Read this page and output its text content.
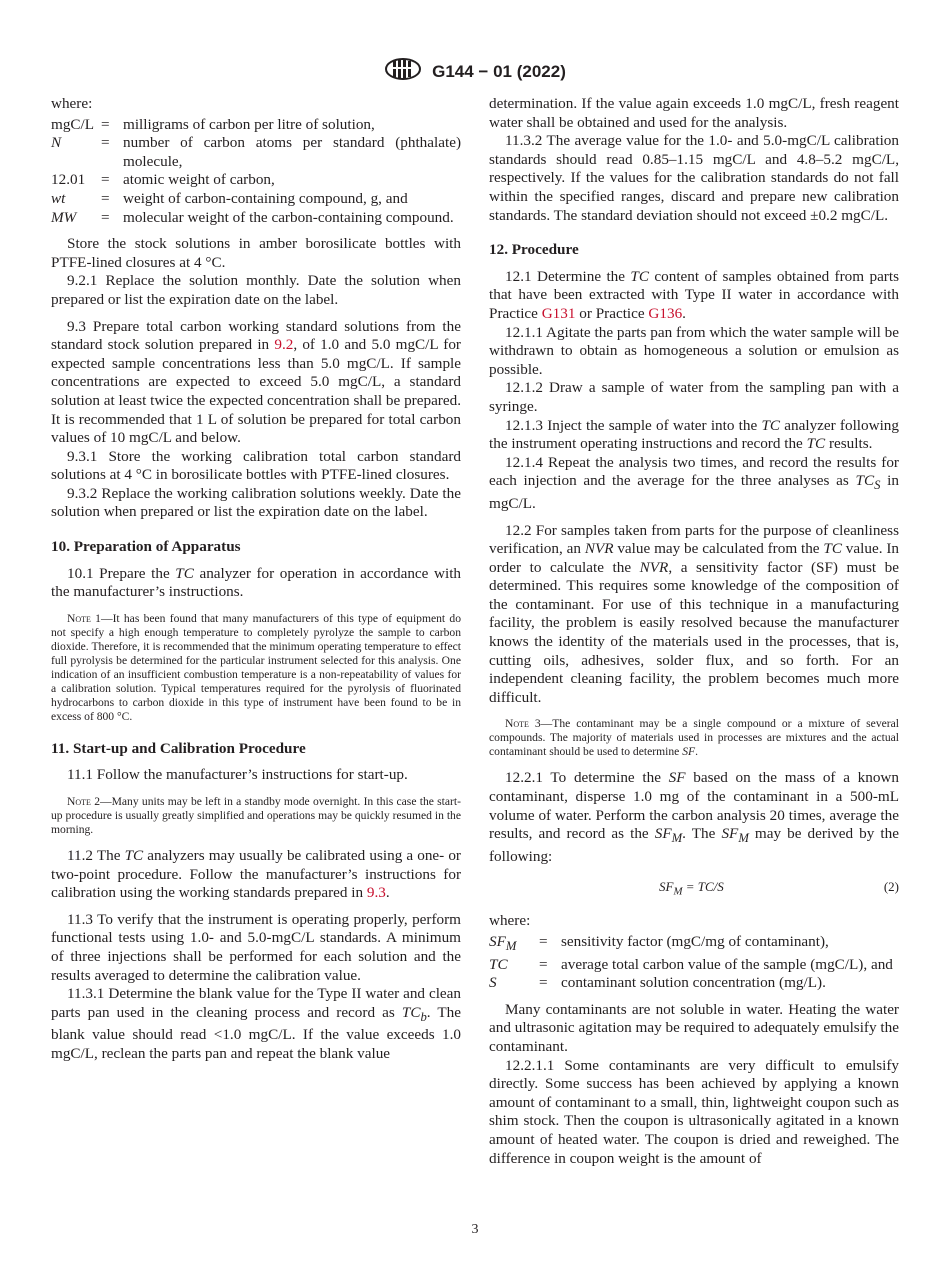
G144 − 01 (2022)

where:

mgC/L = milligrams of carbon per litre of solution,
N	= number of carbon atoms per standard (phthalate) molecule,
12.01	= atomic weight of carbon,
wt	= weight of carbon-containing compound, g, and
MW	= molecular weight of the carbon-containing compound.

Store the stock solutions in amber borosilicate bottles with PTFE-lined closures at 4 °C.

9.2.1 Replace the solution monthly. Date the solution when prepared or list the expiration date on the label.

9.3 Prepare total carbon working standard solutions from the standard stock solution prepared in 9.2, of 1.0 and 5.0 mgC/L for expected sample concentrations less than 5.0 mgC/L. If sample concentrations are expected to exceed 5.0 mgC/L, a standard solution at least twice the expected concentration shall be prepared. It is recommended that 1 L of solution be prepared for total carbon values of 10 mgC/L and below.

9.3.1 Store the working calibration total carbon standard solutions at 4 °C in borosilicate bottles with PTFE-lined closures.

9.3.2 Replace the working calibration solutions weekly. Date the solution when prepared or list the expiration date on the label.

10. Preparation of Apparatus

10.1 Prepare the TC analyzer for operation in accordance with the manufacturer’s instructions.

Note 1—It has been found that many manufacturers of this type of equipment do not specify a high enough temperature to completely pyrolyze the sample to carbon dioxide. Therefore, it is recommended that the minimum operating temperature to effect full pyrolysis be determined for the particular instrument selected for this analysis. One indication of an insufficient combustion temperature is a non-repeatability of values for a calibration solution. Typical temperatures required for the pyrolysis of fluorinated hydrocarbons to carbon dioxide in this type of instrument have been found to be in excess of 800 °C.
11. Start-up and Calibration Procedure

11.1 Follow the manufacturer’s instructions for start-up.

Note 2—Many units may be left in a standby mode overnight. In this case the start-up procedure is usually greatly simplified and operations may be quickly resumed in the morning.

11.2 The TC analyzers may usually be calibrated using a one- or two-point procedure. Follow the manufacturer’s instructions for calibration using the working standards prepared in 9.3.

11.3 To verify that the instrument is operating properly, perform functional tests using 1.0- and 5.0-mgC/L standards. A minimum of three injections shall be performed for each solution and the results averaged to determine the calibration value.

11.3.1 Determine the blank value for the Type II water and clean parts pan used in the cleaning process and record as $TC_b$. The blank value should read <1.0 mgC/L. If the value exceeds 1.0 mgC/L, reclean the parts pan and repeat the blank value

determination. If the value again exceeds 1.0 mgC/L, fresh reagent water shall be obtained and used for the analysis.

11.3.2 The average value for the 1.0- and 5.0-mgC/L calibration standards should read 0.85–1.15 mgC/L and 4.8–5.2 mgC/L, respectively. If the values for the calibration standards do not fall within the specified ranges, discard and prepare new calibration standards. The standard deviation should not exceed ±0.2 mgC/L.

12. Procedure

12.1 Determine the TC content of samples obtained from parts that have been extracted with Type II water in accordance with Practice G131 or Practice G136.

12.1.1 Agitate the parts pan from which the water sample will be withdrawn to obtain as homogeneous a solution or emulsion as possible.

12.1.2 Draw a sample of water from the sampling pan with a syringe.

12.1.3 Inject the sample of water into the TC analyzer following the instrument operating instructions and record the TC results.

12.1.4 Repeat the analysis two times, and record the results for each injection and the average for the three analyses as $TC_S$ in mgC/L.

12.2 For samples taken from parts for the purpose of cleanliness verification, an NVR value may be calculated from the TC value. In order to calculate the NVR, a sensitivity factor (SF) must be determined. This requires some knowledge of the composition of the contaminant. For use of this technique in a manufacturing facility, the problem is easily resolved because the manufacturer knows the identity of the materials used in the processes, that is, cutting oils, adhesives, solder flux, and so forth. For an independent cleaning facility, the problem becomes much more difficult.

Note 3—The contaminant may be a single compound or a mixture of several compounds. The majority of materials used in processes are mixtures and the actual contaminant should be used to determine SF.

12.2.1 To determine the SF based on the mass of a known contaminant, disperse 1.0 mg of the contaminant in a 500-mL volume of water. Perform the carbon analysis 20 times, average the results, and record as the $SF_M$. The $SF_M$ may be derived by the following:

$SF_M = TC/S$	(2)

where:

$SF_M$	= sensitivity factor (mgC/mg of contaminant),
TC	= average total carbon value of the sample (mgC/L), and
S	= contaminant solution concentration (mg/L).

Many contaminants are not soluble in water. Heating the water and ultrasonic agitation may be required to adequately emulsify the contaminant.

12.2.1.1 Some contaminants are very difficult to emulsify directly. Some success has been achieved by applying a known amount of contaminant to a small, thin, lightweight coupon such as shim stock. Then the coupon is ultrasonically agitated in a known amount of heated water. The coupon is dried and reweighed. The difference in coupon weight is the amount of

3
